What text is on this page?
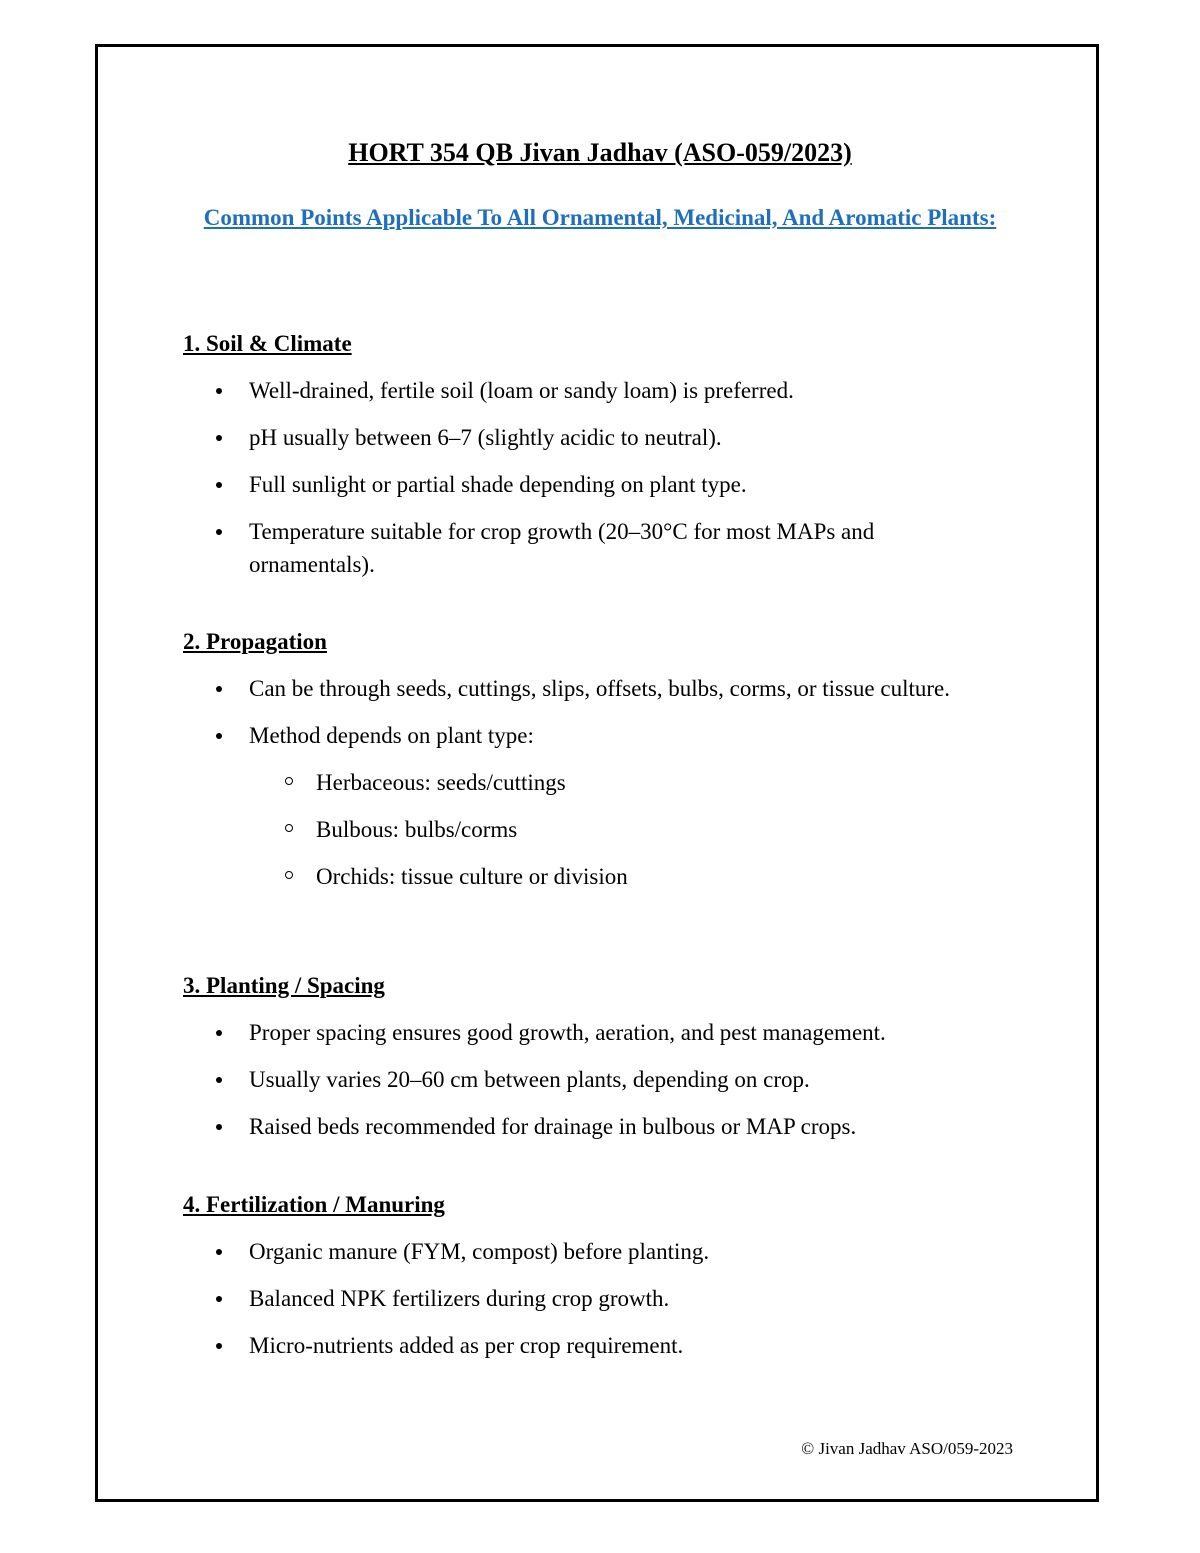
HORT 354 QB Jivan Jadhav (ASO-059/2023)
Common Points Applicable To All Ornamental, Medicinal, And Aromatic Plants:
1. Soil & Climate
Well-drained, fertile soil (loam or sandy loam) is preferred.
pH usually between 6–7 (slightly acidic to neutral).
Full sunlight or partial shade depending on plant type.
Temperature suitable for crop growth (20–30°C for most MAPs and ornamentals).
2. Propagation
Can be through seeds, cuttings, slips, offsets, bulbs, corms, or tissue culture.
Method depends on plant type:
Herbaceous: seeds/cuttings
Bulbous: bulbs/corms
Orchids: tissue culture or division
3. Planting / Spacing
Proper spacing ensures good growth, aeration, and pest management.
Usually varies 20–60 cm between plants, depending on crop.
Raised beds recommended for drainage in bulbous or MAP crops.
4. Fertilization / Manuring
Organic manure (FYM, compost) before planting.
Balanced NPK fertilizers during crop growth.
Micro-nutrients added as per crop requirement.
© Jivan Jadhav ASO/059-2023
